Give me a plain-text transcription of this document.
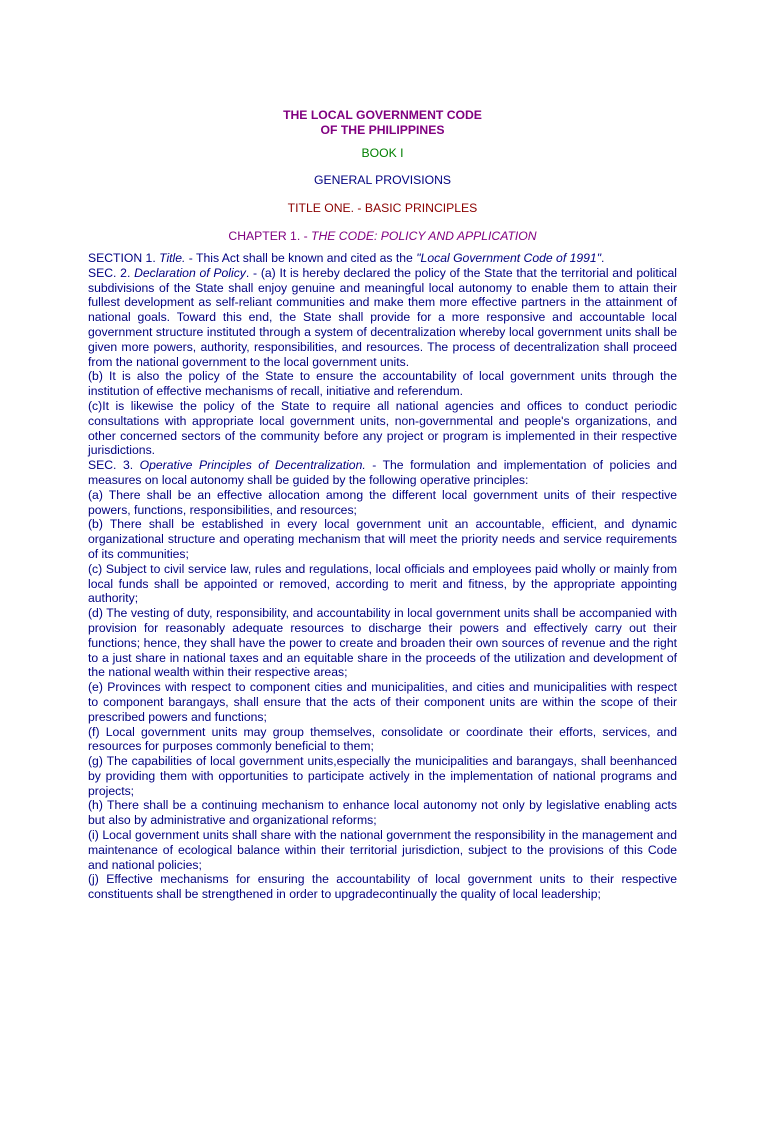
THE LOCAL GOVERNMENT CODE
OF THE PHILIPPINES
BOOK I
GENERAL PROVISIONS
TITLE ONE. - BASIC PRINCIPLES
CHAPTER 1. - THE CODE: POLICY AND APPLICATION

SECTION 1. Title. - This Act shall be known and cited as the "Local Government Code of 1991".

SEC. 2. Declaration of Policy. - (a) It is hereby declared the policy of the State that the territorial and political subdivisions of the State shall enjoy genuine and meaningful local autonomy to enable them to attain their fullest development as self-reliant communities and make them more effective partners in the attainment of national goals. Toward this end, the State shall provide for a more responsive and accountable local government structure instituted through a system of decentralization whereby local government units shall be given more powers, authority, responsibilities, and resources. The process of decentralization shall proceed from the national government to the local government units.

(b) It is also the policy of the State to ensure the accountability of local government units through the institution of effective mechanisms of recall, initiative and referendum.

(c)It is likewise the policy of the State to require all national agencies and offices to conduct periodic consultations with appropriate local government units, non-governmental and people's organizations, and other concerned sectors of the community before any project or program is implemented in their respective jurisdictions.

SEC. 3. Operative Principles of Decentralization. - The formulation and implementation of policies and measures on local autonomy shall be guided by the following operative principles:

(a) There shall be an effective allocation among the different local government units of their respective powers, functions, responsibilities, and resources;

(b) There shall be established in every local government unit an accountable, efficient, and dynamic organizational structure and operating mechanism that will meet the priority needs and service requirements of its communities;

(c) Subject to civil service law, rules and regulations, local officials and employees paid wholly or mainly from local funds shall be appointed or removed, according to merit and fitness, by the appropriate appointing authority;

(d) The vesting of duty, responsibility, and accountability in local government units shall be accompanied with provision for reasonably adequate resources to discharge their powers and effectively carry out their functions; hence, they shall have the power to create and broaden their own sources of revenue and the right to a just share in national taxes and an equitable share in the proceeds of the utilization and development of the national wealth within their respective areas;

(e) Provinces with respect to component cities and municipalities, and cities and municipalities with respect to component barangays, shall ensure that the acts of their component units are within the scope of their prescribed powers and functions;

(f) Local government units may group themselves, consolidate or coordinate their efforts, services, and resources for purposes commonly beneficial to them;

(g) The capabilities of local government units,especially the municipalities and barangays, shall beenhanced by providing them with opportunities to participate actively in the implementation of national programs and projects;

(h) There shall be a continuing mechanism to enhance local autonomy not only by legislative enabling acts but also by administrative and organizational reforms;

(i) Local government units shall share with the national government the responsibility in the management and maintenance of ecological balance within their territorial jurisdiction, subject to the provisions of this Code and national policies;

(j) Effective mechanisms for ensuring the accountability of local government units to their respective constituents shall be strengthened in order to upgradecontinually the quality of local leadership;
